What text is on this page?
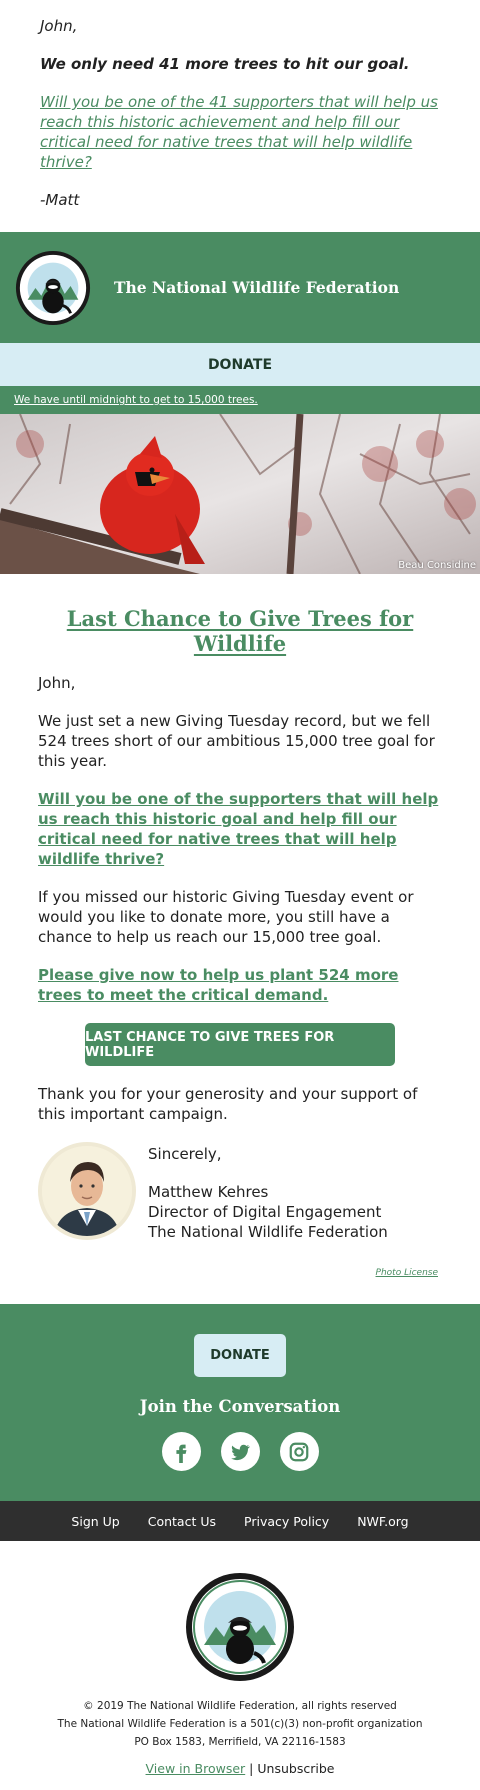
John,

We only need 41 more trees to hit our goal.

Will you be one of the 41 supporters that will help us reach this historic achievement and help fill our critical need for native trees that will help wildlife thrive?

-Matt

The National Wildlife Federation
DONATE
We have until midnight to get to 15,000 trees.
Beau Considine
Last Chance to Give Trees for Wildlife

John,

We just set a new Giving Tuesday record, but we fell 524 trees short of our ambitious 15,000 tree goal for this year.

Will you be one of the supporters that will help us reach this historic goal and help fill our critical need for native trees that will help wildlife thrive?

If you missed our historic Giving Tuesday event or would you like to donate more, you still have a chance to help us reach our 15,000 tree goal.

Please give now to help us plant 524 more trees to meet the critical demand.

LAST CHANCE TO GIVE TREES FOR WILDLIFE

Thank you for your generosity and your support of this important campaign.

Sincerely,

Matthew Kehres
Director of Digital Engagement
The National Wildlife Federation
Photo License
DONATE
Join the Conversation
Sign Up	Contact Us	Privacy Policy	NWF.org
© 2019 The National Wildlife Federation, all rights reserved
The National Wildlife Federation is a 501(c)(3) non-profit organization
PO Box 1583, Merrifield, VA 22116-1583
View in Browser | Unsubscribe
